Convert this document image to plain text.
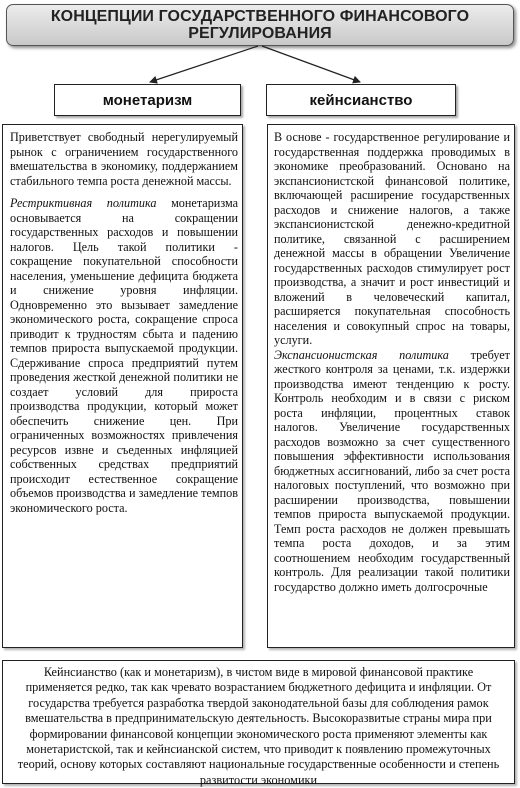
КОНЦЕПЦИИ ГОСУДАРСТВЕННОГО ФИНАНСОВОГО РЕГУЛИРОВАНИЯ
монетаризм	кейнсианство

Приветствует свободный нерегулируемый рынок с ограничением государственного вмешательства в экономику, поддержанием стабильного темпа роста денежной массы.

Рестриктивная политика монетаризма основывается на сокращении государственных расходов и повышении налогов. Цель такой политики - сокращение покупательной способности населения, уменьшение дефицита бюджета и снижение уровня инфляции. Одновременно это вызывает замедление экономического роста, сокращение спроса приводит к трудностям сбыта и падению темпов прироста выпускаемой продукции. Сдерживание спроса предприятий путем проведения жесткой денежной политики не создает условий для прироста производства продукции, который может обеспечить снижение цен. При ограниченных возможностях привлечения ресурсов извне и съеденных инфляцией собственных средствах предприятий происходит естественное сокращение объемов производства и замедление темпов экономического роста.

В основе - государственное регулирование и государственная поддержка проводимых в экономике преобразований. Основано на экспансионистской финансовой политике, включающей расширение государственных расходов и снижение налогов, а также экспансионистской денежно-кредитной политике, связанной с расширением денежной массы в обращении Увеличение государственных расходов стимулирует рост производства, а значит и рост инвестиций и вложений в человеческий капитал, расширяется покупательная способность населения и совокупный спрос на товары, услуги.

Экспансионистская политика требует жесткого контроля за ценами, т.к. издержки производства имеют тенденцию к росту. Контроль необходим и в связи с риском роста инфляции, процентных ставок налогов. Увеличение государственных расходов возможно за счет существенного повышения эффективности использования бюджетных ассигнований, либо за счет роста налоговых поступлений, что возможно при расширении производства, повышении темпов прироста выпускаемой продукции. Темп роста расходов не должен превышать темпа роста доходов, и за этим соотношением необходим государственный контроль. Для реализации такой политики государство должно иметь долгосрочные

Кейнсианство (как и монетаризм), в чистом виде в мировой финансовой практике применяется редко, так как чревато возрастанием бюджетного дефицита и инфляции. От государства требуется разработка твердой законодательной базы для соблюдения рамок вмешательства в предпринимательскую деятельность. Высокоразвитые страны мира при формировании финансовой концепции экономического роста применяют элементы как монетаристской, так и кейнсианской систем, что приводит к появлению промежуточных теорий, основу которых составляют национальные государственные особенности и степень развитости экономики
